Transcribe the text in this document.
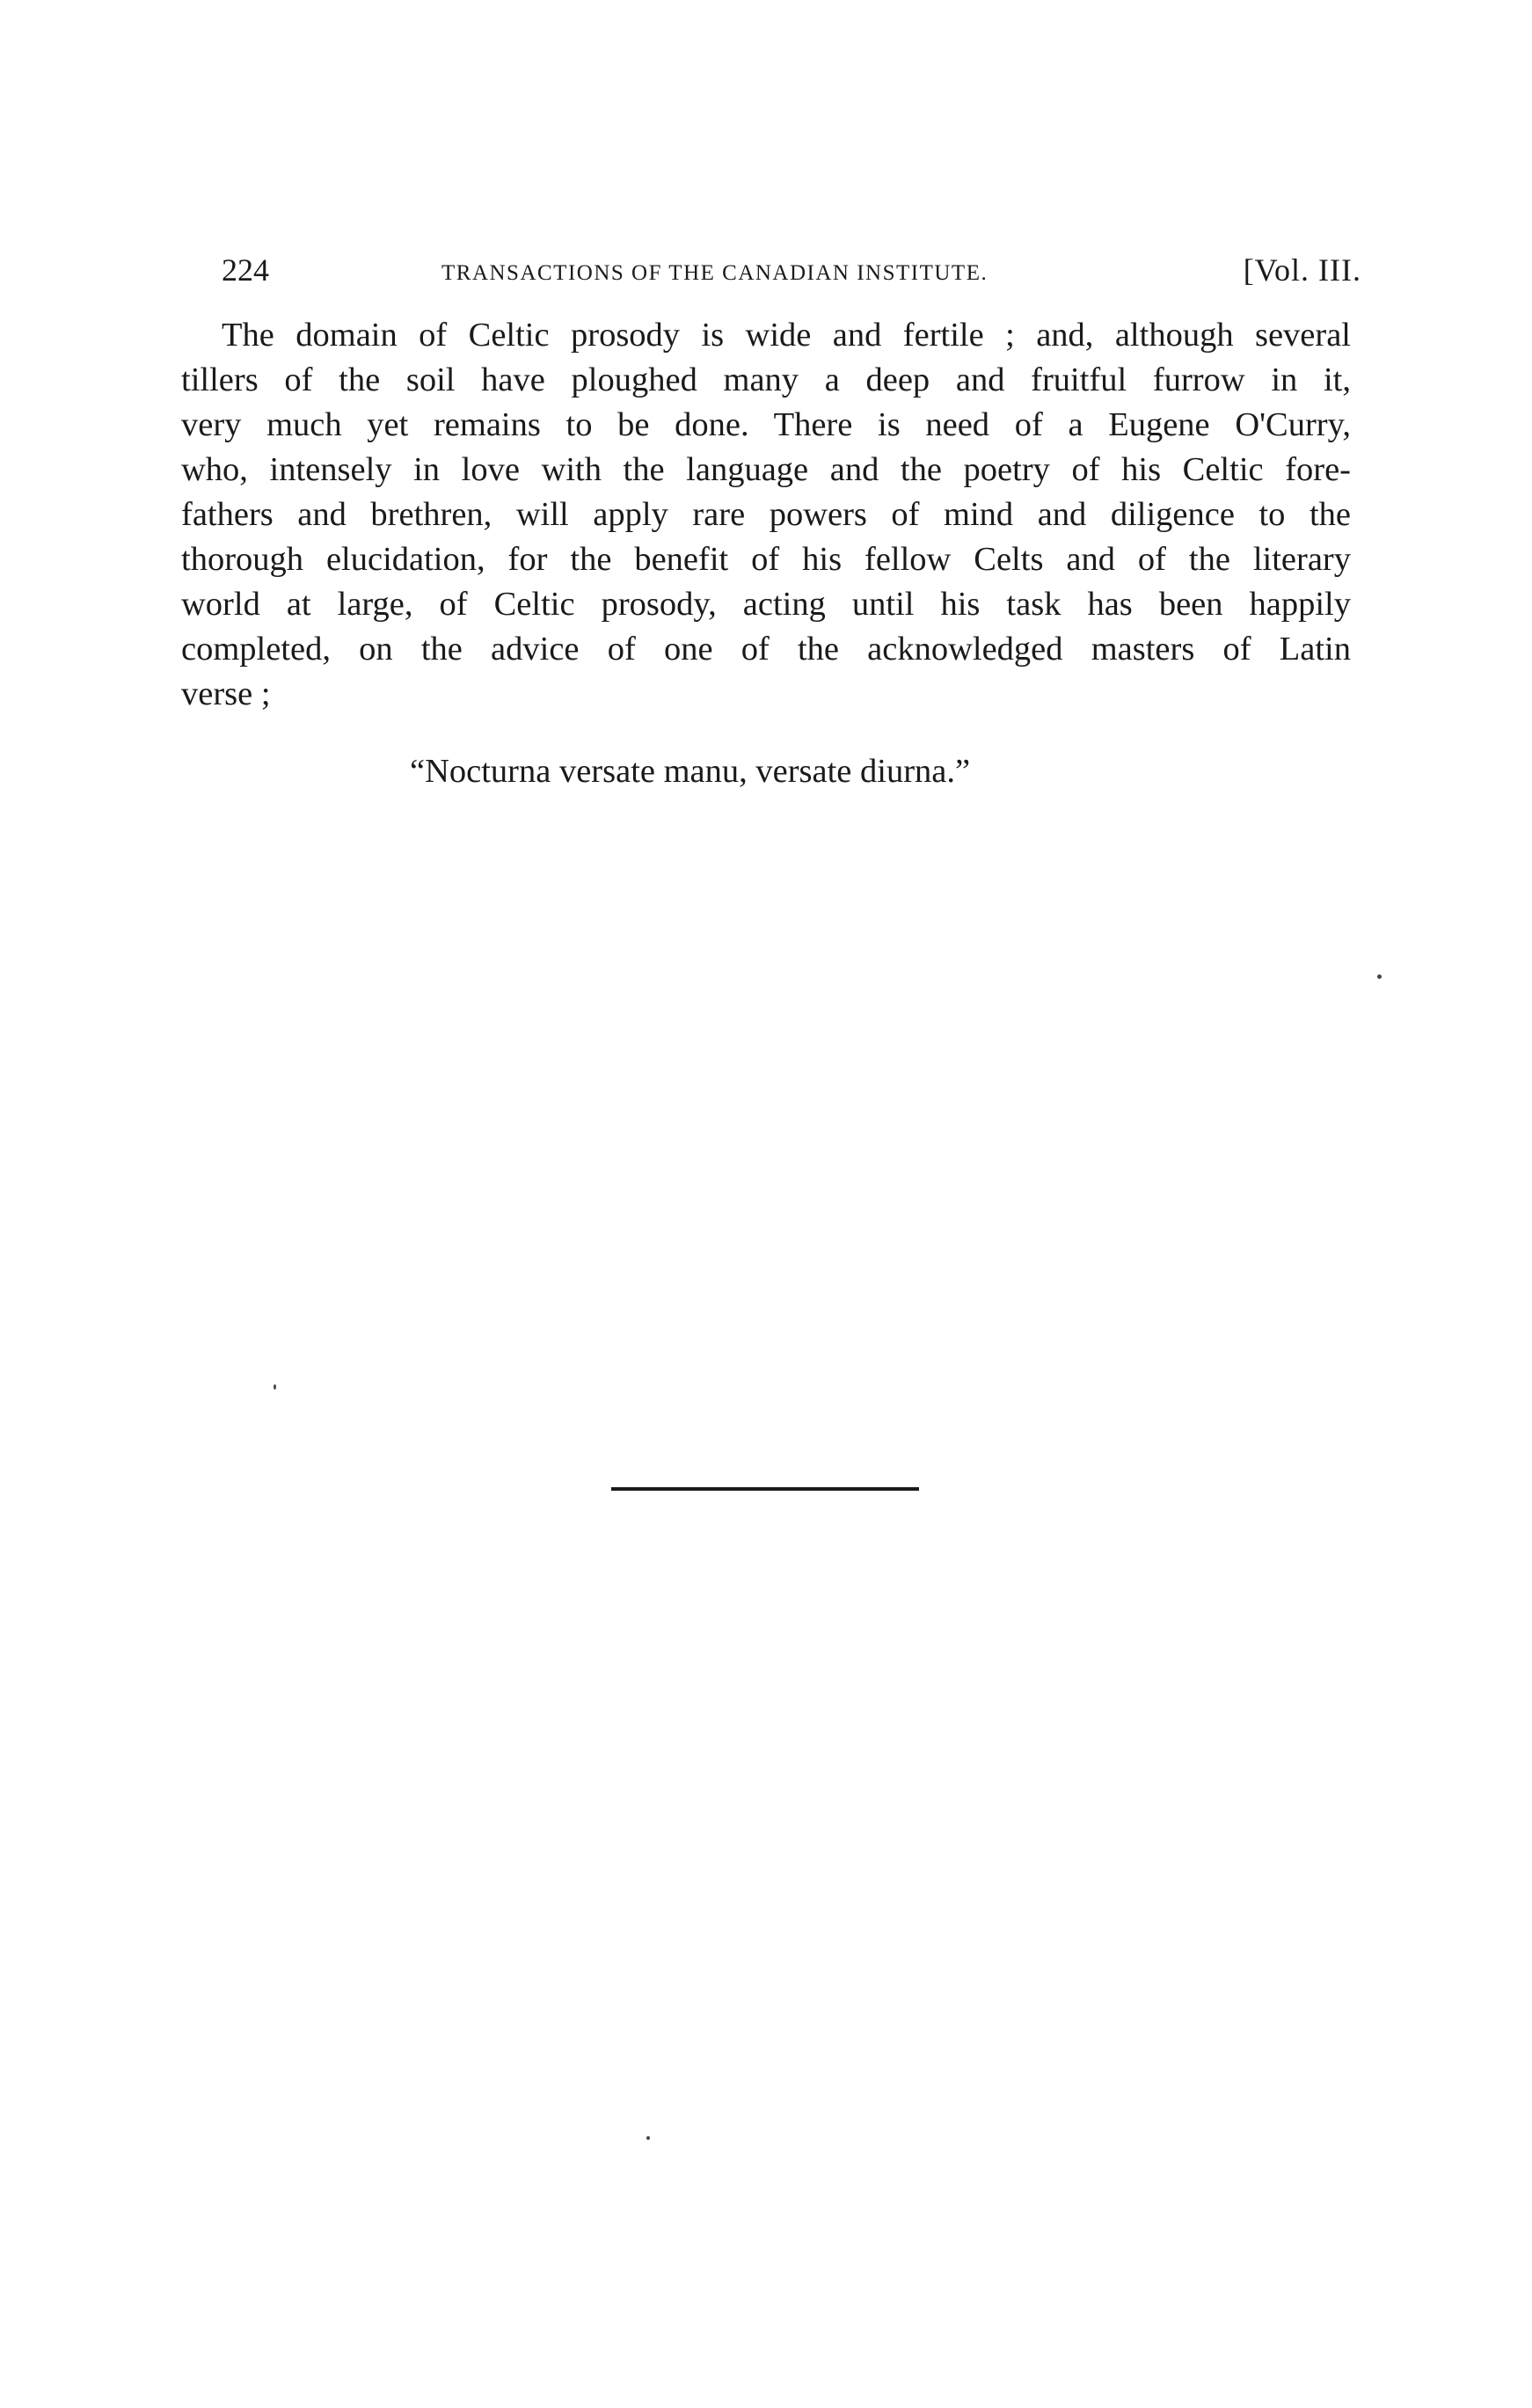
224	TRANSACTIONS OF THE CANADIAN INSTITUTE.	[Vol. III.
The domain of Celtic prosody is wide and fertile ; and, although several
tillers of the soil have ploughed many a deep and fruitful furrow in it,
very much yet remains to be done. There is need of a Eugene O'Curry,
who, intensely in love with the language and the poetry of his Celtic fore-
fathers and brethren, will apply rare powers of mind and diligence to the
thorough elucidation, for the benefit of his fellow Celts and of the literary
world at large, of Celtic prosody, acting until his task has been happily
completed, on the advice of one of the acknowledged masters of Latin
verse ;
“Nocturna versate manu, versate diurna.”
